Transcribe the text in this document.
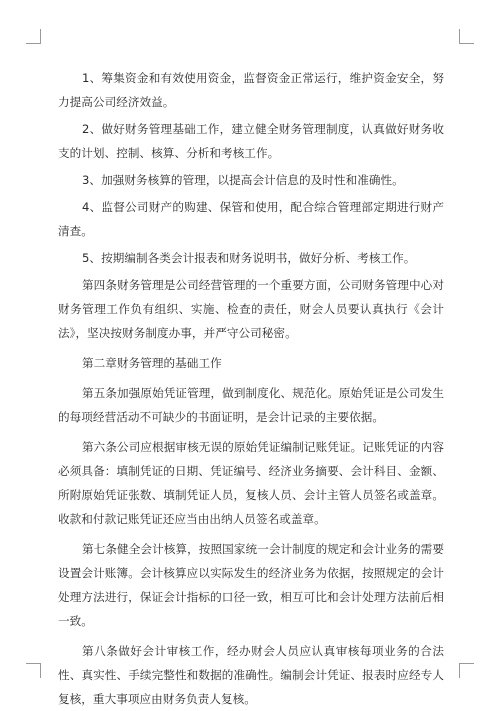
1、筹集资金和有效使用资金，监督资金正常运行，维护资金安全，努力提高公司经济效益。

2、做好财务管理基础工作，建立健全财务管理制度，认真做好财务收支的计划、控制、核算、分析和考核工作。

3、加强财务核算的管理，以提高会计信息的及时性和准确性。

4、监督公司财产的购建、保管和使用，配合综合管理部定期进行财产清查。

5、按期编制各类会计报表和财务说明书，做好分析、考核工作。

第四条财务管理是公司经营管理的一个重要方面，公司财务管理中心对财务管理工作负有组织、实施、检查的责任，财会人员要认真执行《会计法》，坚决按财务制度办事，并严守公司秘密。

第二章财务管理的基础工作

第五条加强原始凭证管理，做到制度化、规范化。原始凭证是公司发生的每项经营活动不可缺少的书面证明，是会计记录的主要依据。

第六条公司应根据审核无误的原始凭证编制记账凭证。记账凭证的内容必须具备：填制凭证的日期、凭证编号、经济业务摘要、会计科目、金额、所附原始凭证张数、填制凭证人员，复核人员、会计主管人员签名或盖章。收款和付款记账凭证还应当由出纳人员签名或盖章。

第七条健全会计核算，按照国家统一会计制度的规定和会计业务的需要设置会计账簿。会计核算应以实际发生的经济业务为依据，按照规定的会计处理方法进行，保证会计指标的口径一致，相互可比和会计处理方法前后相一致。

第八条做好会计审核工作，经办财会人员应认真审核每项业务的合法性、真实性、手续完整性和数据的准确性。编制会计凭证、报表时应经专人复核，重大事项应由财务负责人复核。
